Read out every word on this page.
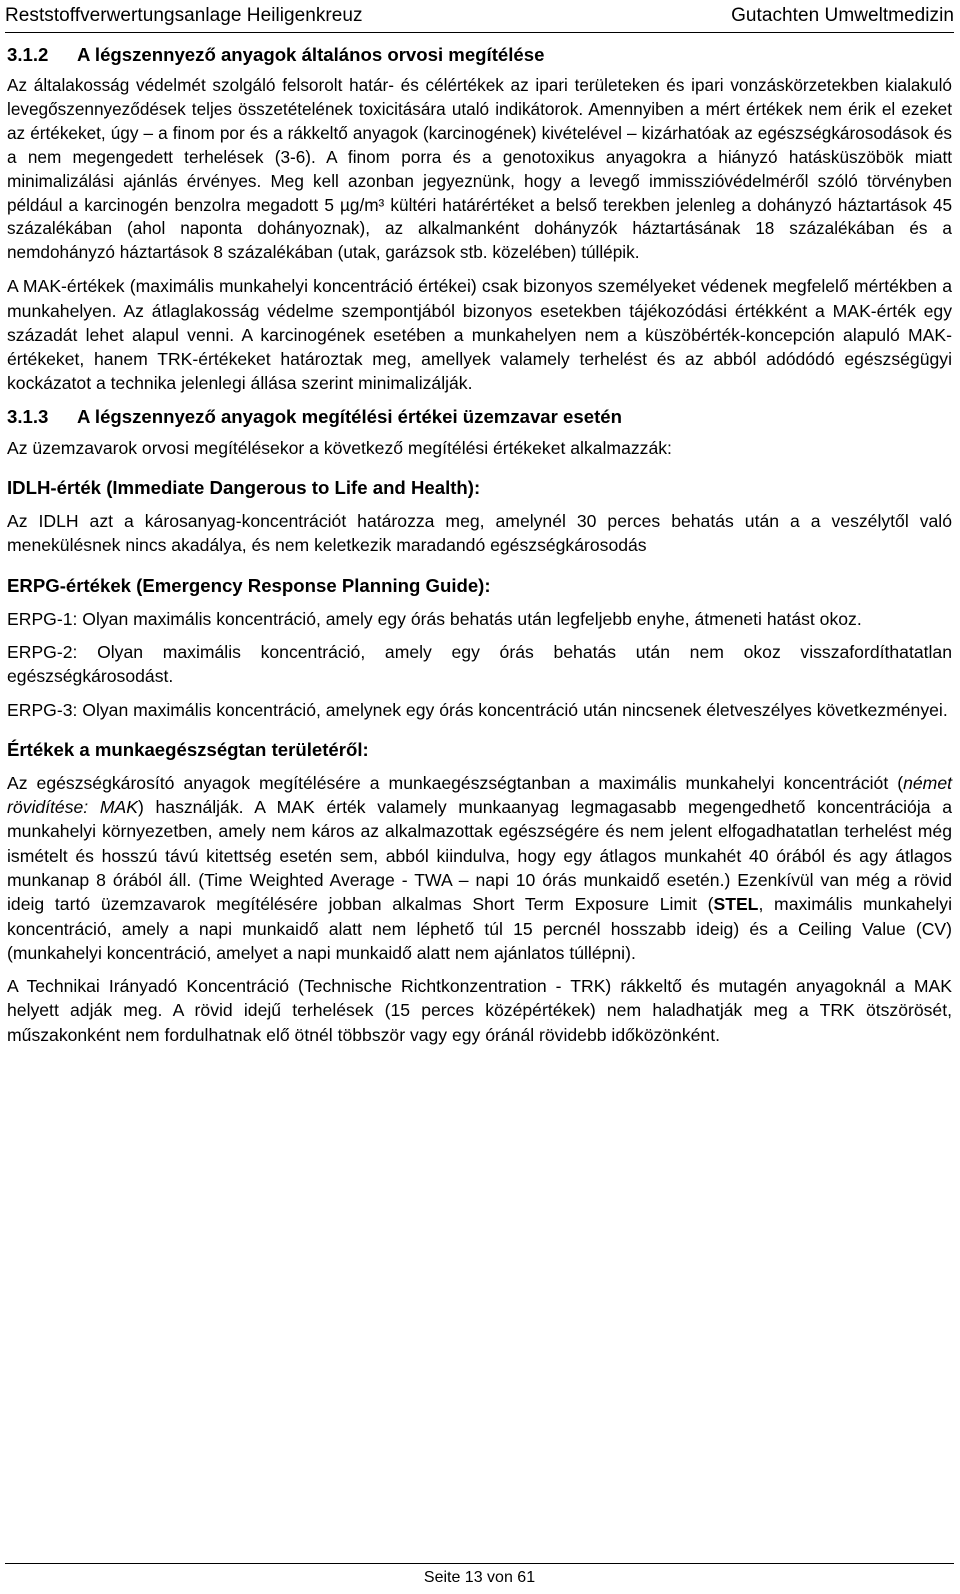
Reststoffverwertungsanlage Heiligenkreuz	Gutachten Umweltmedizin
3.1.2	A légszennyező anyagok általános orvosi megítélése

Az általakosság védelmét szolgáló felsorolt határ- és célértékek az ipari területeken és ipari vonzáskörzetekben kialakuló levegőszennyeződések teljes összetételének toxicitására utaló indikátorok. Amennyiben a mért értékek nem érik el ezeket az értékeket, úgy – a finom por és a rákkeltő anyagok (karcinogének) kivételével – kizárhatóak az egészségkárosodások és a nem megengedett terhelések (3-6). A finom porra és a genotoxikus anyagokra a hiányzó hatásküszöbök miatt minimalizálási ajánlás érvényes. Meg kell azonban jegyeznünk, hogy a levegő immisszióvédelméről szóló törvényben például a karcinogén benzolra megadott 5 µg/m³ kültéri határértéket a belső terekben jelenleg a dohányzó háztartások 45 százalékában (ahol naponta dohányoznak), az alkalmanként dohányzók háztartásának 18 százalékában és a nemdohányzó háztartások 8 százalékában (utak, garázsok stb. közelében) túllépik.

A MAK-értékek (maximális munkahelyi koncentráció értékei) csak bizonyos személyeket védenek megfelelő mértékben a munkahelyen. Az átlaglakosság védelme szempontjából bizonyos esetekben tájékozódási értékként a MAK-érték egy századát lehet alapul venni. A karcinogének esetében a munkahelyen nem a küszöbérték-koncepción alapuló MAK-értékeket, hanem TRK-értékeket határoztak meg, amellyek valamely terhelést és az abból adódódó egészségügyi kockázatot a technika jelenlegi állása szerint minimalizálják.

3.1.3	A légszennyező anyagok megítélési értékei üzemzavar esetén

Az üzemzavarok orvosi megítélésekor a következő megítélési értékeket alkalmazzák:

IDLH-érték (Immediate Dangerous to Life and Health):

Az IDLH azt a károsanyag-koncentrációt határozza meg, amelynél 30 perces behatás után a a veszélytől való menekülésnek nincs akadálya, és nem keletkezik maradandó egészségkárosodás

ERPG-értékek (Emergency Response Planning Guide):

ERPG-1: Olyan maximális koncentráció, amely egy órás behatás után legfeljebb enyhe, átmeneti hatást okoz.

ERPG-2: Olyan maximális koncentráció, amely egy órás behatás után nem okoz visszafordíthatatlan egészségkárosodást.

ERPG-3: Olyan maximális koncentráció, amelynek egy órás koncentráció után nincsenek életveszélyes következményei.

Értékek a munkaegészségtan területéről:

Az egészségkárosító anyagok megítélésére a munkaegészségtanban a maximális munkahelyi koncentrációt (német rövidítése: MAK) használják. A MAK érték valamely munkaanyag legmagasabb megengedhető koncentrációja a munkahelyi környezetben, amely nem káros az alkalmazottak egészségére és nem jelent elfogadhatatlan terhelést még ismételt és hosszú távú kitettség esetén sem, abból kiindulva, hogy egy átlagos munkahét 40 órából és agy átlagos munkanap 8 órából áll. (Time Weighted Average - TWA – napi 10 órás munkaidő esetén.) Ezenkívül van még a rövid ideig tartó üzemzavarok megítélésére jobban alkalmas Short Term Exposure Limit (STEL, maximális munkahelyi koncentráció, amely a napi munkaidő alatt nem léphető túl 15 percnél hosszabb ideig) és a Ceiling Value (CV) (munkahelyi koncentráció, amelyet a napi munkaidő alatt nem ajánlatos túllépni).

A Technikai Irányadó Koncentráció (Technische Richtkonzentration - TRK) rákkeltő és mutagén anyagoknál a MAK helyett adják meg. A rövid idejű terhelések (15 perces középértékek) nem haladhatják meg a TRK ötszörösét, műszakonként nem fordulhatnak elő ötnél többször vagy egy óránál rövidebb időközönként.

Seite 13 von 61
